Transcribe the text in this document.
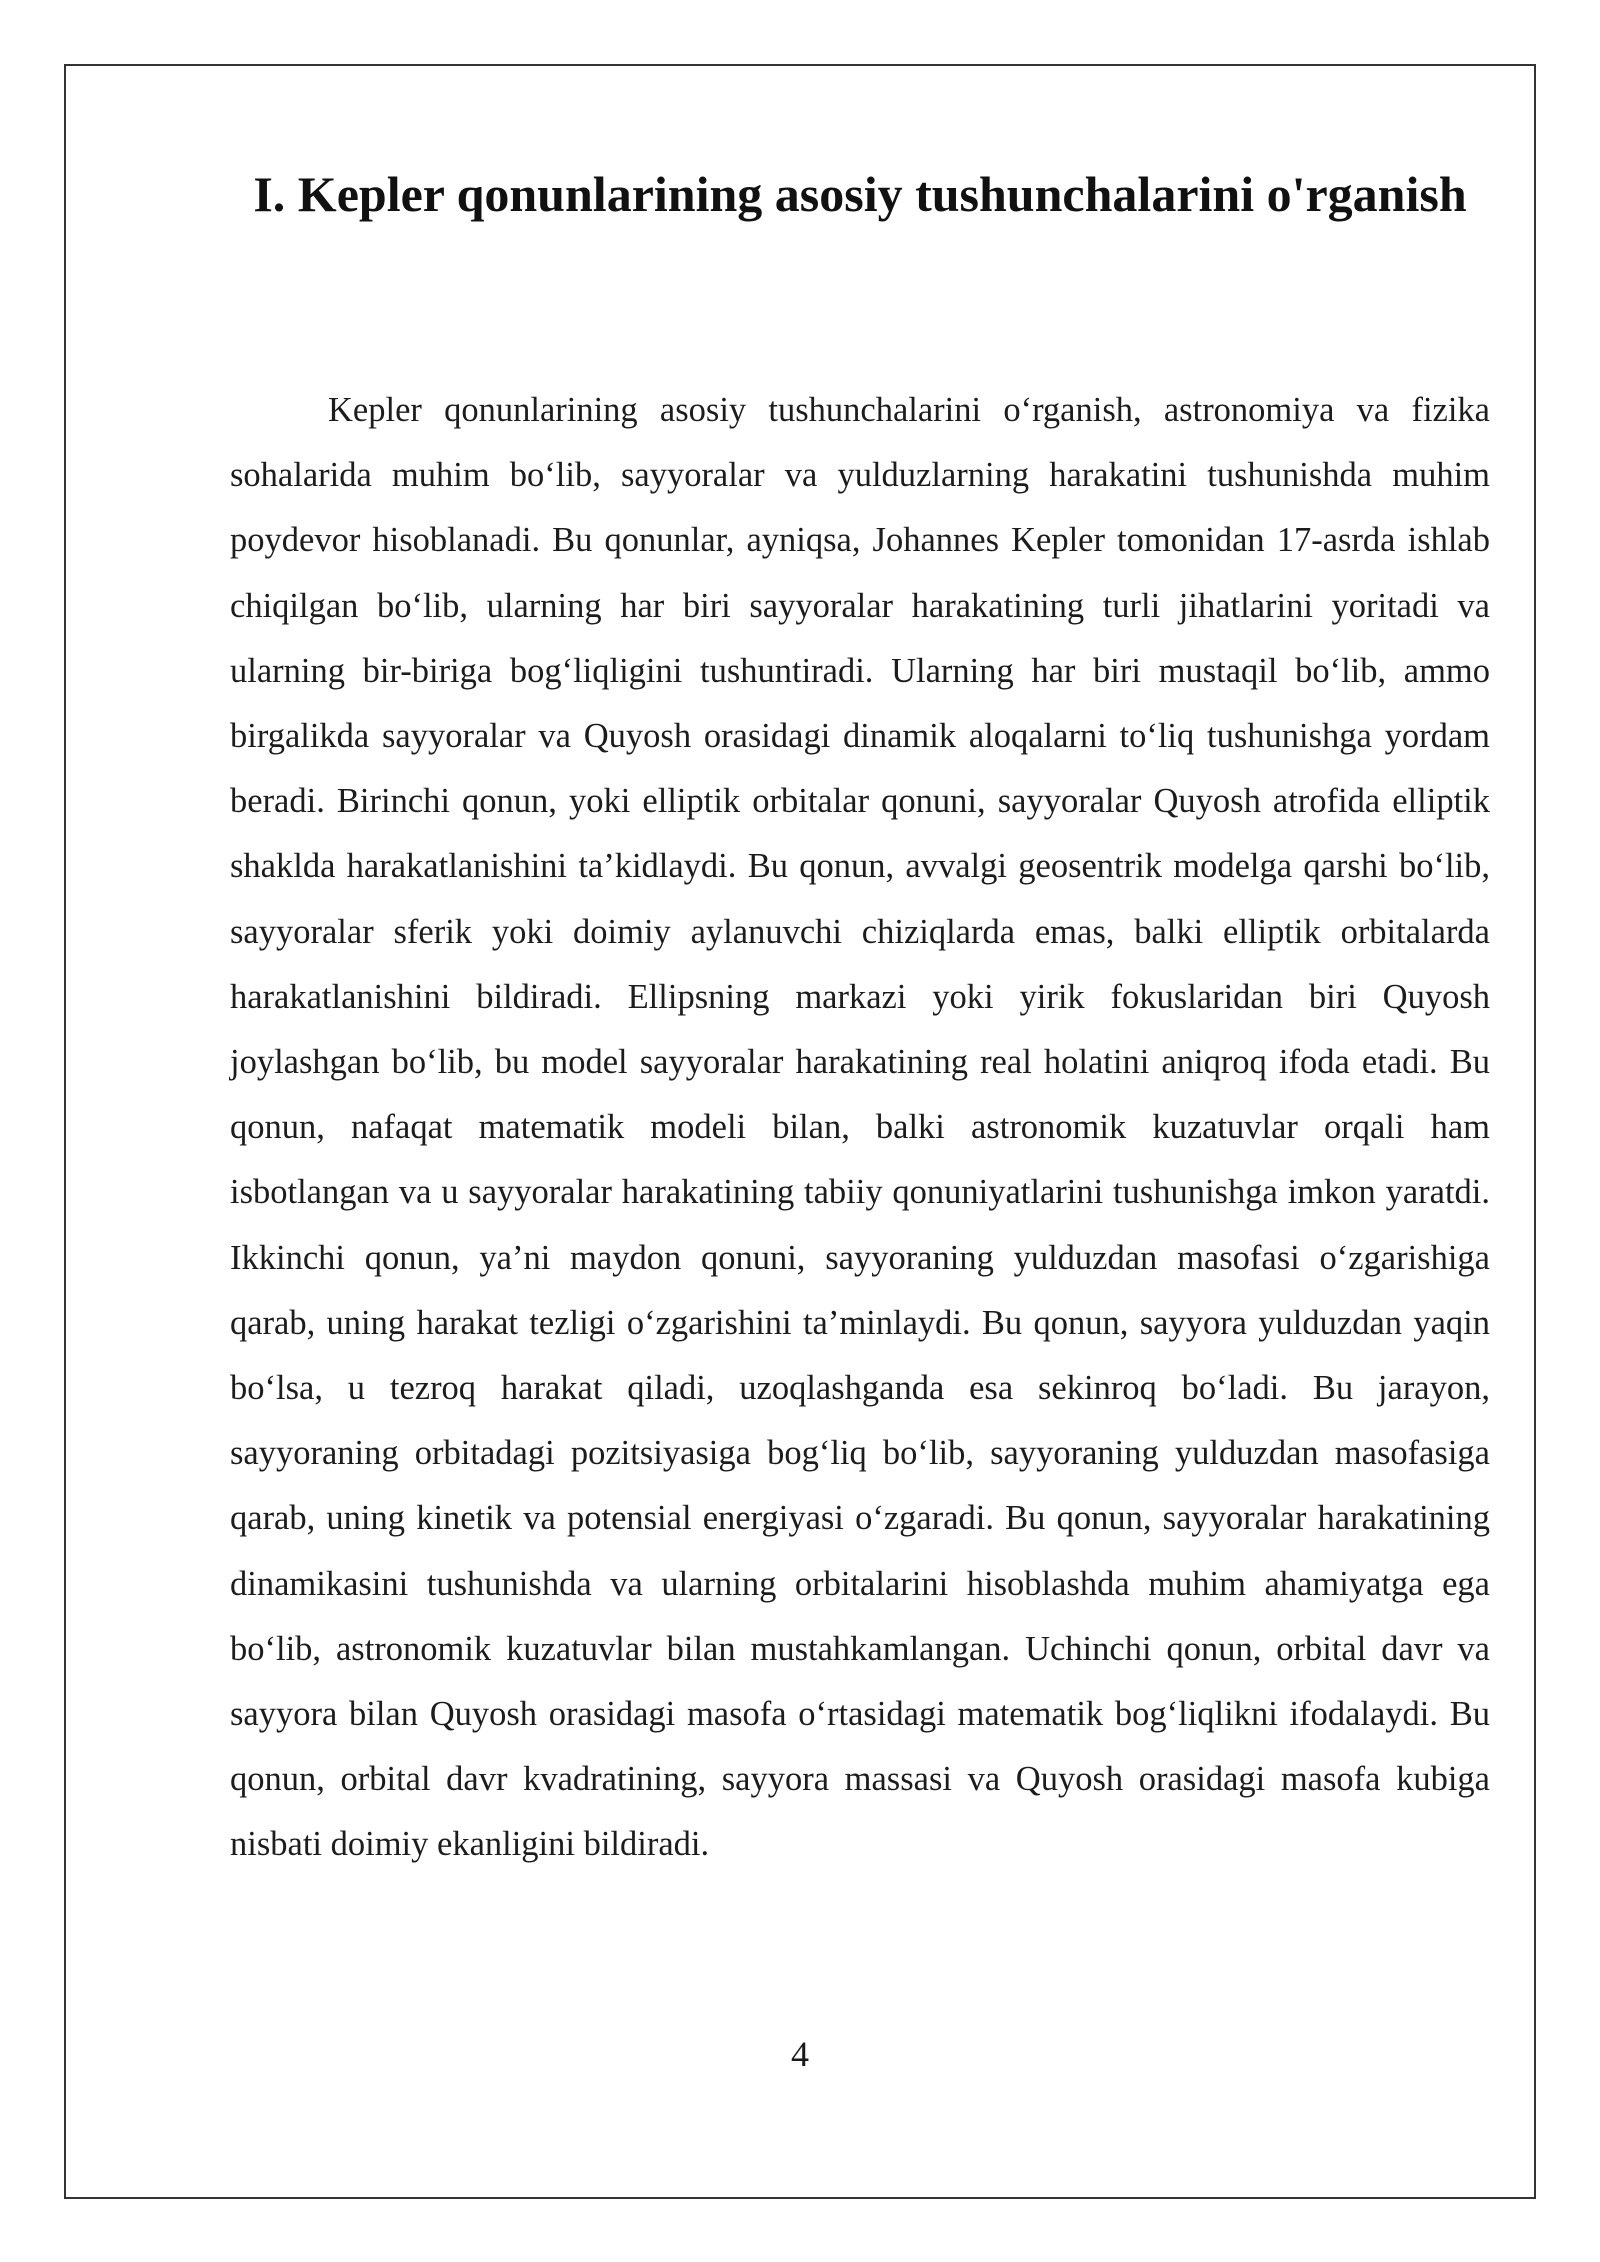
I. Kepler qonunlarining asosiy tushunchalarini o'rganish

Kepler qonunlarining asosiy tushunchalarini o‘rganish, astronomiya va fizika sohalarida muhim bo‘lib, sayyoralar va yulduzlarning harakatini tushunishda muhim poydevor hisoblanadi. Bu qonunlar, ayniqsa, Johannes Kepler tomonidan 17-asrda ishlab chiqilgan bo‘lib, ularning har biri sayyoralar harakatining turli jihatlarini yoritadi va ularning bir-biriga bog‘liqligini tushuntiradi. Ularning har biri mustaqil bo‘lib, ammo birgalikda sayyoralar va Quyosh orasidagi dinamik aloqalarni to‘liq tushunishga yordam beradi. Birinchi qonun, yoki elliptik orbitalar qonuni, sayyoralar Quyosh atrofida elliptik shaklda harakatlanishini ta’kidlaydi. Bu qonun, avvalgi geosentrik modelga qarshi bo‘lib, sayyoralar sferik yoki doimiy aylanuvchi chiziqlarda emas, balki elliptik orbitalarda harakatlanishini bildiradi. Ellipsning markazi yoki yirik fokuslaridan biri Quyosh joylashgan bo‘lib, bu model sayyoralar harakatining real holatini aniqroq ifoda etadi. Bu qonun, nafaqat matematik modeli bilan, balki astronomik kuzatuvlar orqali ham isbotlangan va u sayyoralar harakatining tabiiy qonuniyatlarini tushunishga imkon yaratdi. Ikkinchi qonun, ya’ni maydon qonuni, sayyoraning yulduzdan masofasi o‘zgarishiga qarab, uning harakat tezligi o‘zgarishini ta’minlaydi. Bu qonun, sayyora yulduzdan yaqin bo‘lsa, u tezroq harakat qiladi, uzoqlashganda esa sekinroq bo‘ladi. Bu jarayon, sayyoraning orbitadagi pozitsiyasiga bog‘liq bo‘lib, sayyoraning yulduzdan masofasiga qarab, uning kinetik va potensial energiyasi o‘zgaradi. Bu qonun, sayyoralar harakatining dinamikasini tushunishda va ularning orbitalarini hisoblashda muhim ahamiyatga ega bo‘lib, astronomik kuzatuvlar bilan mustahkamlangan. Uchinchi qonun, orbital davr va sayyora bilan Quyosh orasidagi masofa o‘rtasidagi matematik bog‘liqlikni ifodalaydi. Bu qonun, orbital davr kvadratining, sayyora massasi va Quyosh orasidagi masofa kubiga nisbati doimiy ekanligini bildiradi.

4
